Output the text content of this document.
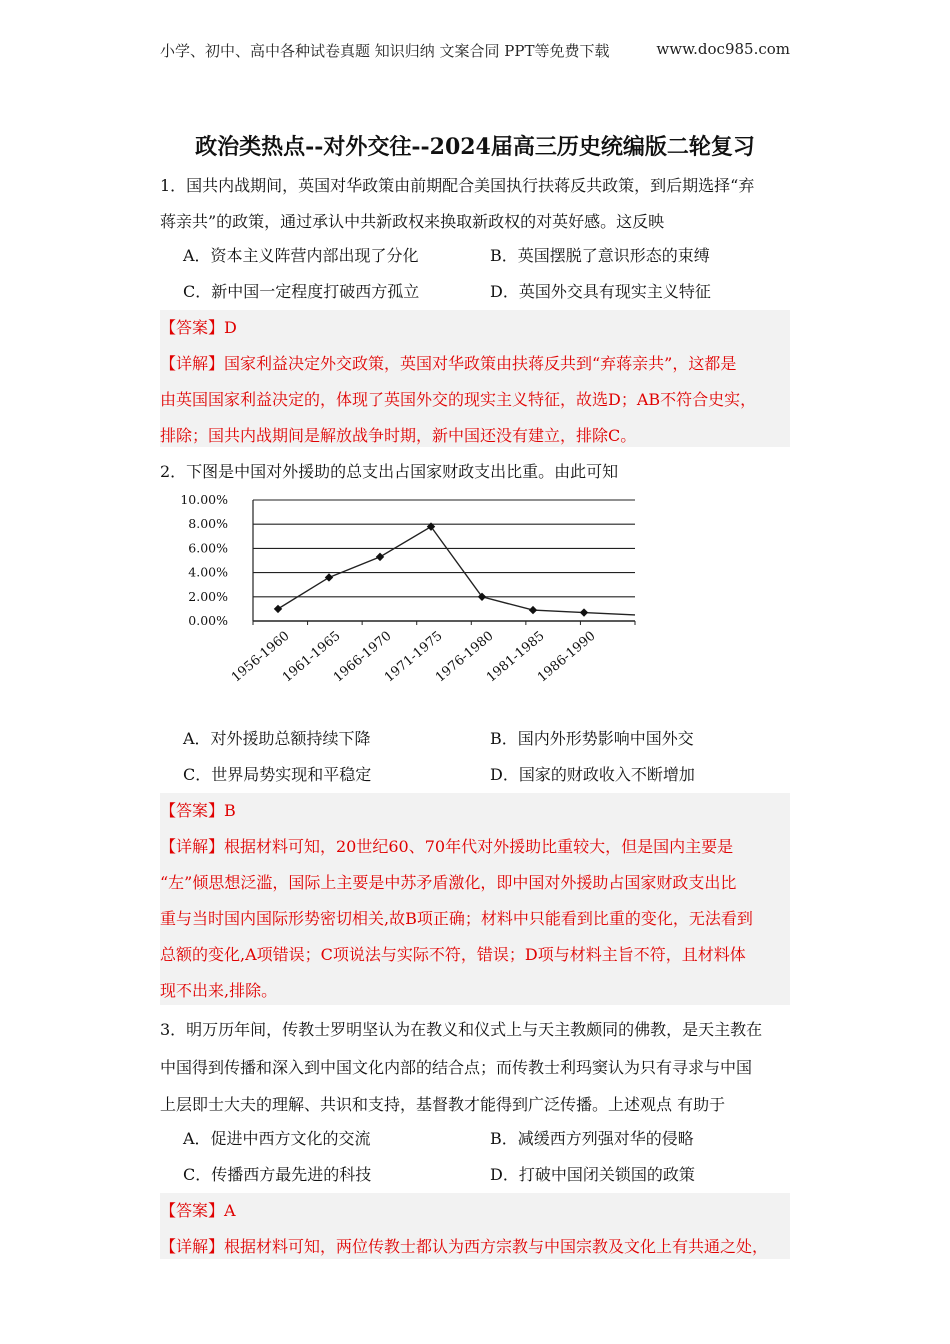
小学、初中、高中各种试卷真题 知识归纳 文案合同 PPT等免费下载	www.doc985.com
政治类热点--对外交往--2024届高三历史统编版二轮复习
1．国共内战期间，英国对华政策由前期配合美国执行扶蒋反共政策，到后期选择“弃
蒋亲共”的政策，通过承认中共新政权来换取新政权的对英好感。这反映
A．资本主义阵营内部出现了分化	B．英国摆脱了意识形态的束缚
C．新中国一定程度打破西方孤立	D．英国外交具有现实主义特征

【答案】D

【详解】国家利益决定外交政策，英国对华政策由扶蒋反共到“弃蒋亲共”，这都是

由英国国家利益决定的，体现了英国外交的现实主义特征，故选D；AB不符合史实，

排除；国共内战期间是解放战争时期，新中国还没有建立，排除C。

2．下图是中国对外援助的总支出占国家财政支出比重。由此可知
0.00%
2.00%
4.00%
6.00%
8.00%
10.00%
1956-1960
1961-1965
1966-1970
1971-1975
1976-1980
1981-1985
1986-1990
A．对外援助总额持续下降	B．国内外形势影响中国外交
C．世界局势实现和平稳定	D．国家的财政收入不断增加

【答案】B

【详解】根据材料可知，20世纪60、70年代对外援助比重较大，但是国内主要是

“左”倾思想泛滥，国际上主要是中苏矛盾激化，即中国对外援助占国家财政支出比

重与当时国内国际形势密切相关,故B项正确；材料中只能看到比重的变化，无法看到

总额的变化,A项错误；C项说法与实际不符，错误；D项与材料主旨不符，且材料体

现不出来,排除。

3．明万历年间，传教士罗明坚认为在教义和仪式上与天主教颇同的佛教，是天主教在
中国得到传播和深入到中国文化内部的结合点；而传教士利玛窦认为只有寻求与中国
上层即士大夫的理解、共识和支持，基督教才能得到广泛传播。上述观点 有助于
A．促进中西方文化的交流	B．减缓西方列强对华的侵略
C．传播西方最先进的科技	D．打破中国闭关锁国的政策

【答案】A

【详解】根据材料可知，两位传教士都认为西方宗教与中国宗教及文化上有共通之处，
